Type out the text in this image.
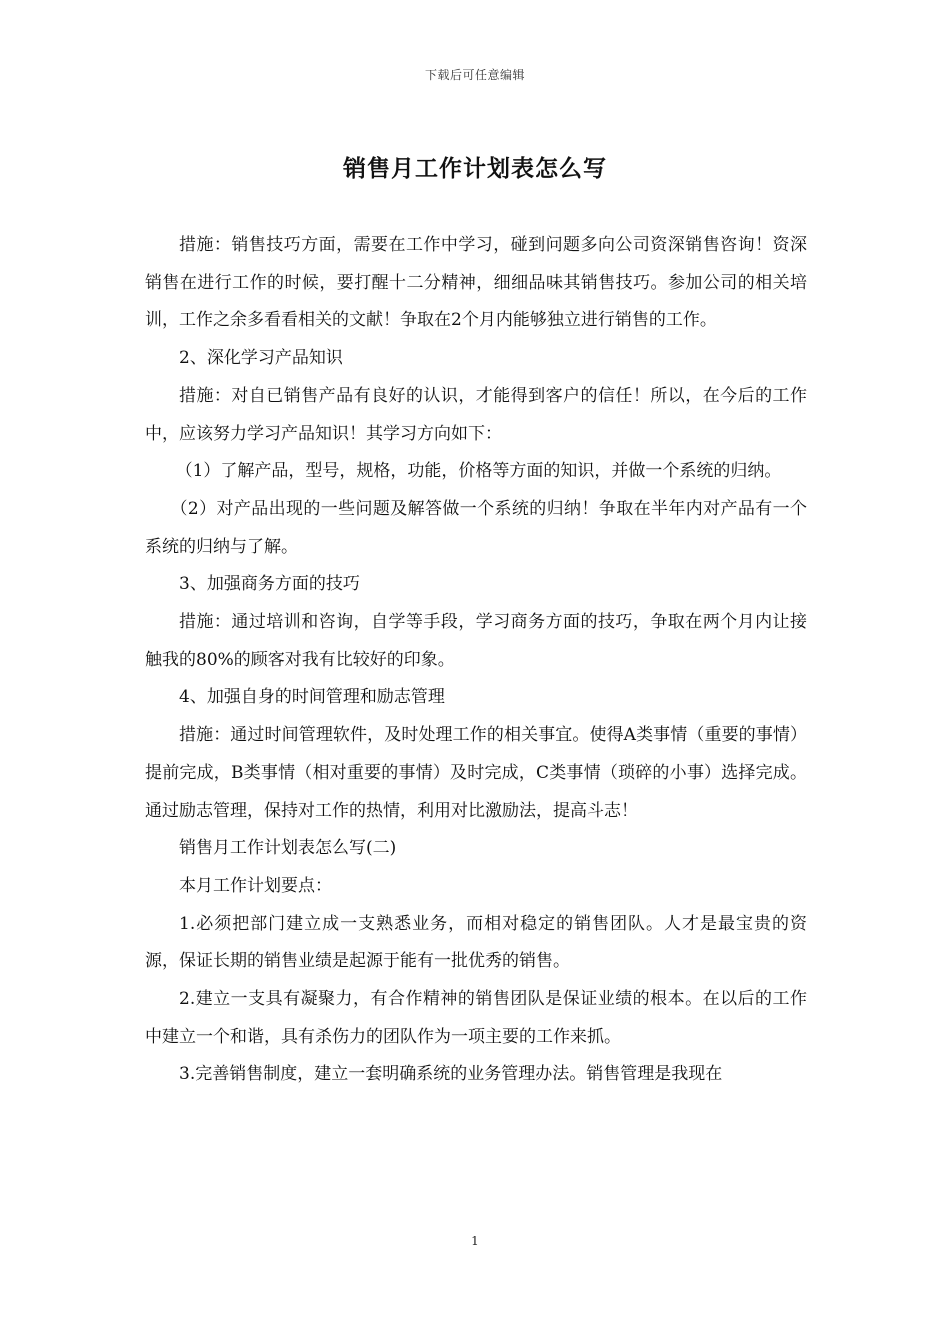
下载后可任意编辑
销售月工作计划表怎么写

措施：销售技巧方面，需要在工作中学习，碰到问题多向公司资深销售咨询！资深销售在进行工作的时候，要打醒十二分精神，细细品味其销售技巧。参加公司的相关培训，工作之余多看看相关的文献！争取在2个月内能够独立进行销售的工作。

2、深化学习产品知识

措施：对自已销售产品有良好的认识，才能得到客户的信任！所以，在今后的工作中，应该努力学习产品知识！其学习方向如下：

（1）了解产品，型号，规格，功能，价格等方面的知识，并做一个系统的归纳。

（2）对产品出现的一些问题及解答做一个系统的归纳！争取在半年内对产品有一个系统的归纳与了解。

3、加强商务方面的技巧

措施：通过培训和咨询，自学等手段，学习商务方面的技巧，争取在两个月内让接触我的80%的顾客对我有比较好的印象。

4、加强自身的时间管理和励志管理

措施：通过时间管理软件，及时处理工作的相关事宜。使得A类事情（重要的事情）提前完成，B类事情（相对重要的事情）及时完成，C类事情（琐碎的小事）选择完成。通过励志管理，保持对工作的热情，利用对比激励法，提高斗志！

销售月工作计划表怎么写(二)

本月工作计划要点：

1.必须把部门建立成一支熟悉业务，而相对稳定的销售团队。人才是最宝贵的资源，保证长期的销售业绩是起源于能有一批优秀的销售。

2.建立一支具有凝聚力，有合作精神的销售团队是保证业绩的根本。在以后的工作中建立一个和谐，具有杀伤力的团队作为一项主要的工作来抓。

3.完善销售制度，建立一套明确系统的业务管理办法。销售管理是我现在

1
